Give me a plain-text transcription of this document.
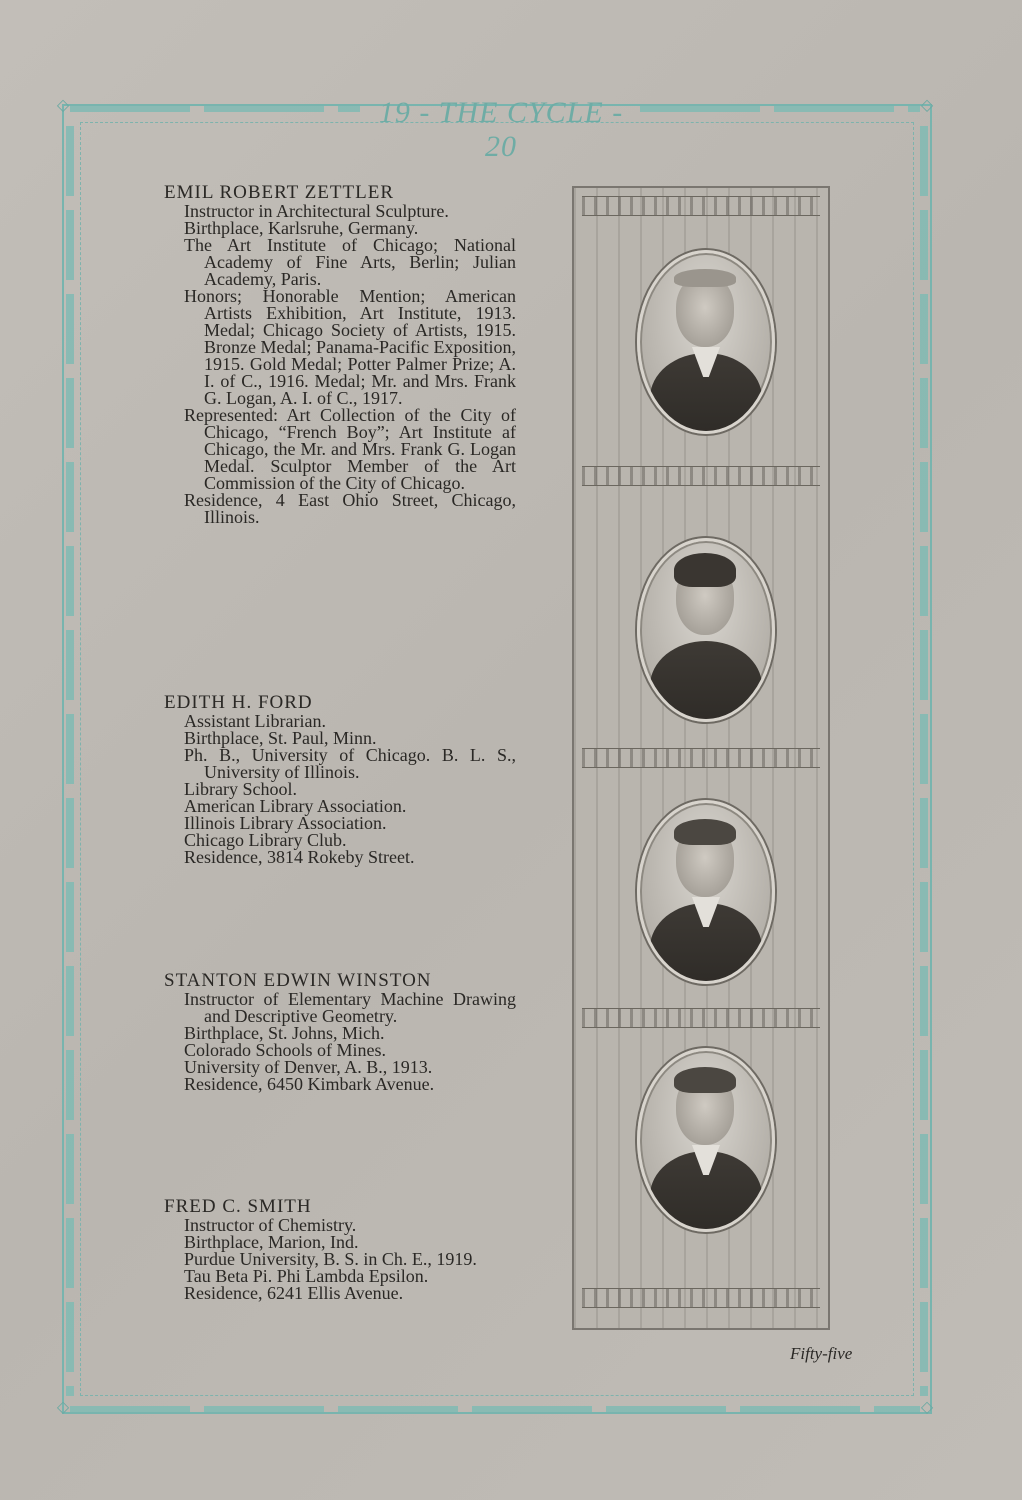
◇	◇
◇	◇
19 - THE CYCLE - 20
EMIL ROBERT ZETTLER
Instructor in Architectural Sculpture.
Birthplace, Karlsruhe, Germany.
The Art Institute of Chicago; National Academy of Fine Arts, Berlin; Julian Academy, Paris.
Honors; Honorable Mention; American Artists Exhibition, Art Institute, 1913. Medal; Chicago Society of Artists, 1915. Bronze Medal; Panama-Pacific Exposition, 1915. Gold Medal; Potter Palmer Prize; A. I. of C., 1916. Medal; Mr. and Mrs. Frank G. Logan, A. I. of C., 1917.
Represented: Art Collection of the City of Chicago, “French Boy”; Art Institute af Chicago, the Mr. and Mrs. Frank G. Logan Medal. Sculptor Member of the Art Commission of the City of Chicago.
Residence, 4 East Ohio Street, Chicago, Illinois.
EDITH H. FORD
Assistant Librarian.
Birthplace, St. Paul, Minn.
Ph. B., University of Chicago. B. L. S., University of Illinois.
Library School.
American Library Association.
Illinois Library Association.
Chicago Library Club.
Residence, 3814 Rokeby Street.
STANTON EDWIN WINSTON
Instructor of Elementary Machine Drawing and Descriptive Geometry.
Birthplace, St. Johns, Mich.
Colorado Schools of Mines.
University of Denver, A. B., 1913.
Residence, 6450 Kimbark Avenue.
FRED C. SMITH
Instructor of Chemistry.
Birthplace, Marion, Ind.
Purdue University, B. S. in Ch. E., 1919.
Tau Beta Pi. Phi Lambda Epsilon.
Residence, 6241 Ellis Avenue.
Fifty-five
